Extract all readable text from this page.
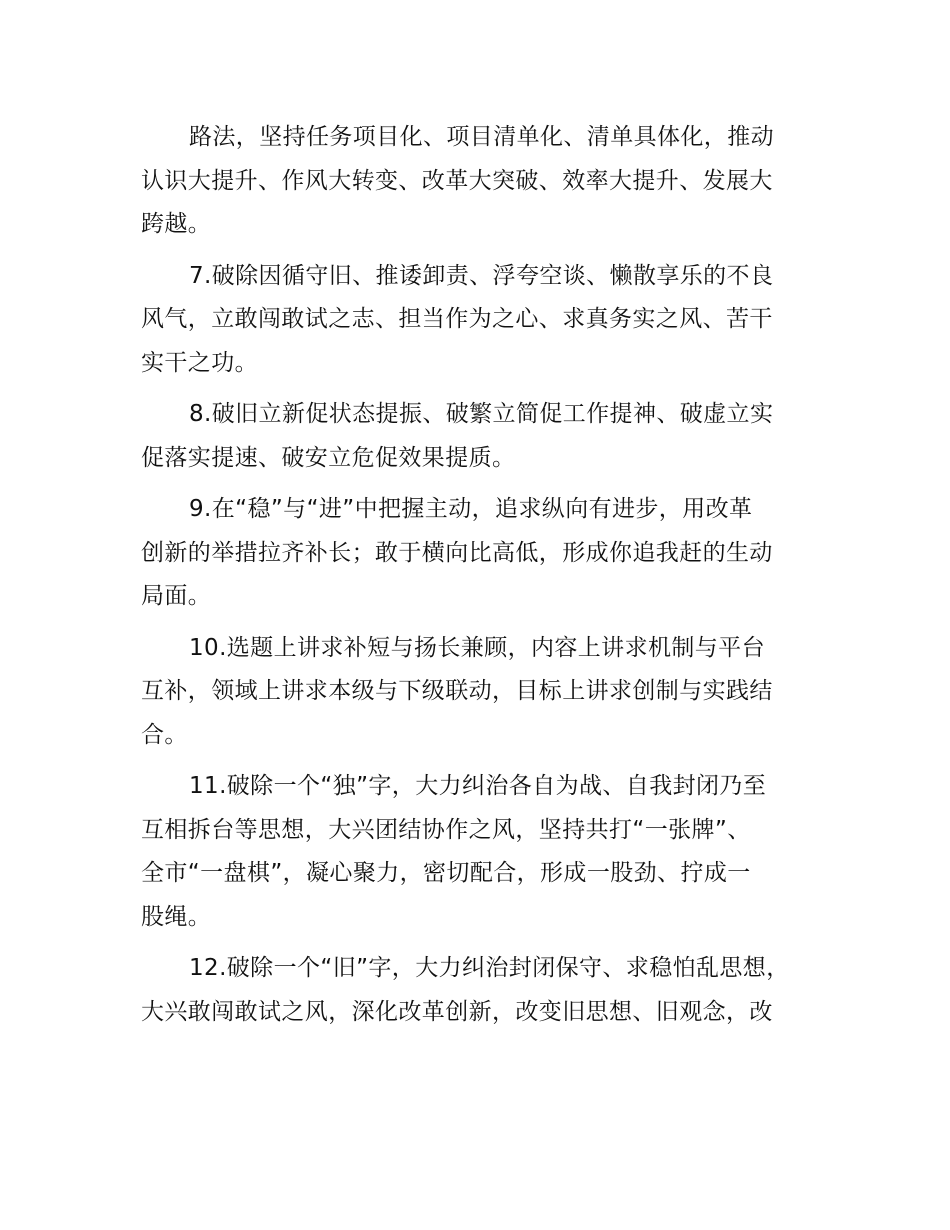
路法，坚持任务项目化、项目清单化、清单具体化，推动
认识大提升、作风大转变、改革大突破、效率大提升、发展大
跨越。

7.破除因循守旧、推诿卸责、浮夸空谈、懒散享乐的不良
风气，立敢闯敢试之志、担当作为之心、求真务实之风、苦干
实干之功。

8.破旧立新促状态提振、破繁立简促工作提神、破虚立实
促落实提速、破安立危促效果提质。

9.在“稳”与“进”中把握主动，追求纵向有进步，用改革
创新的举措拉齐补长；敢于横向比高低，形成你追我赶的生动
局面。

10.选题上讲求补短与扬长兼顾，内容上讲求机制与平台
互补，领域上讲求本级与下级联动，目标上讲求创制与实践结
合。

11.破除一个“独”字，大力纠治各自为战、自我封闭乃至
互相拆台等思想，大兴团结协作之风，坚持共打“一张牌”、
全市“一盘棋”，凝心聚力，密切配合，形成一股劲、拧成一
股绳。

12.破除一个“旧”字，大力纠治封闭保守、求稳怕乱思想，
大兴敢闯敢试之风，深化改革创新，改变旧思想、旧观念，改
